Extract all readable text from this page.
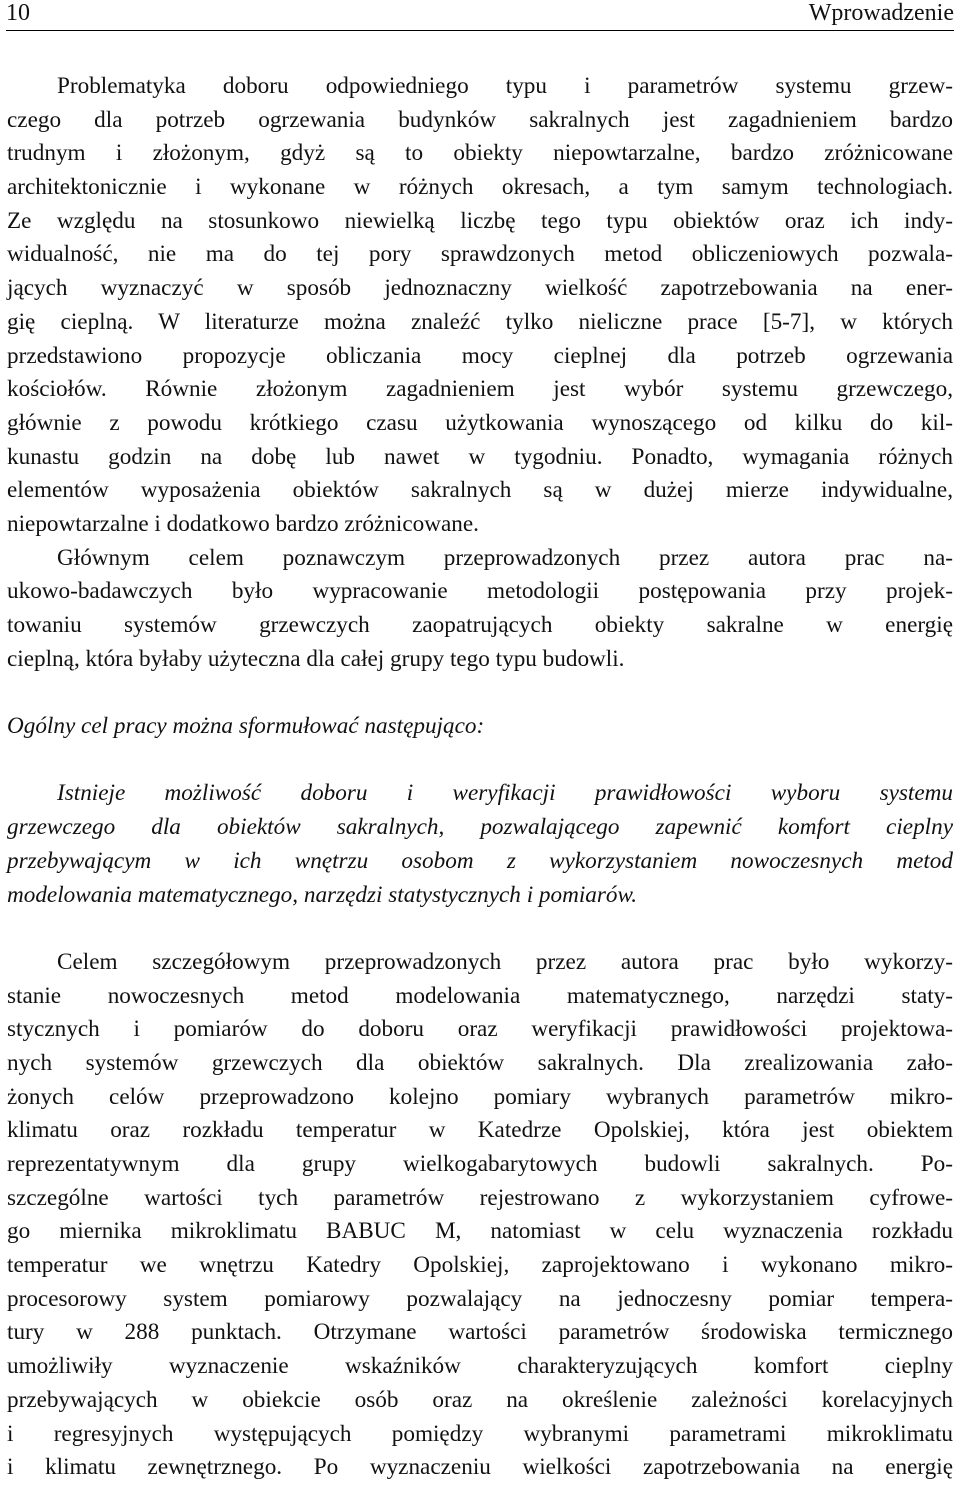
10	Wprowadzenie
Problematyka doboru odpowiedniego typu i parametrów systemu grzew-
czego dla potrzeb ogrzewania budynków sakralnych jest zagadnieniem bardzo
trudnym i złożonym, gdyż są to obiekty niepowtarzalne, bardzo zróżnicowane
architektonicznie i wykonane w różnych okresach, a tym samym technologiach.
Ze względu na stosunkowo niewielką liczbę tego typu obiektów oraz ich indy-
widualność, nie ma do tej pory sprawdzonych metod obliczeniowych pozwala-
jących wyznaczyć w sposób jednoznaczny wielkość zapotrzebowania na ener-
gię cieplną. W literaturze można znaleźć tylko nieliczne prace [5-7], w których
przedstawiono propozycje obliczania mocy cieplnej dla potrzeb ogrzewania
kościołów. Równie złożonym zagadnieniem jest wybór systemu grzewczego,
głównie z powodu krótkiego czasu użytkowania wynoszącego od kilku do kil-
kunastu godzin na dobę lub nawet w tygodniu. Ponadto, wymagania różnych
elementów wyposażenia obiektów sakralnych są w dużej mierze indywidualne,
niepowtarzalne i dodatkowo bardzo zróżnicowane.
Głównym celem poznawczym przeprowadzonych przez autora prac na-
ukowo-badawczych było wypracowanie metodologii postępowania przy projek-
towaniu systemów grzewczych zaopatrujących obiekty sakralne w energię
cieplną, która byłaby użyteczna dla całej grupy tego typu budowli.
Ogólny cel pracy można sformułować następująco:
Istnieje możliwość doboru i weryfikacji prawidłowości wyboru systemu
grzewczego dla obiektów sakralnych, pozwalającego zapewnić komfort cieplny
przebywającym w ich wnętrzu osobom z wykorzystaniem nowoczesnych metod
modelowania matematycznego, narzędzi statystycznych i pomiarów.
Celem szczegółowym przeprowadzonych przez autora prac było wykorzy-
stanie nowoczesnych metod modelowania matematycznego, narzędzi staty-
stycznych i pomiarów do doboru oraz weryfikacji prawidłowości projektowa-
nych systemów grzewczych dla obiektów sakralnych. Dla zrealizowania zało-
żonych celów przeprowadzono kolejno pomiary wybranych parametrów mikro-
klimatu oraz rozkładu temperatur w Katedrze Opolskiej, która jest obiektem
reprezentatywnym dla grupy wielkogabarytowych budowli sakralnych. Po-
szczególne wartości tych parametrów rejestrowano z wykorzystaniem cyfrowe-
go miernika mikroklimatu BABUC M, natomiast w celu wyznaczenia rozkładu
temperatur we wnętrzu Katedry Opolskiej, zaprojektowano i wykonano mikro-
procesorowy system pomiarowy pozwalający na jednoczesny pomiar tempera-
tury w 288 punktach. Otrzymane wartości parametrów środowiska termicznego
umożliwiły wyznaczenie wskaźników charakteryzujących komfort cieplny
przebywających w obiekcie osób oraz na określenie zależności korelacyjnych
i regresyjnych występujących pomiędzy wybranymi parametrami mikroklimatu
i klimatu zewnętrznego. Po wyznaczeniu wielkości zapotrzebowania na energię
